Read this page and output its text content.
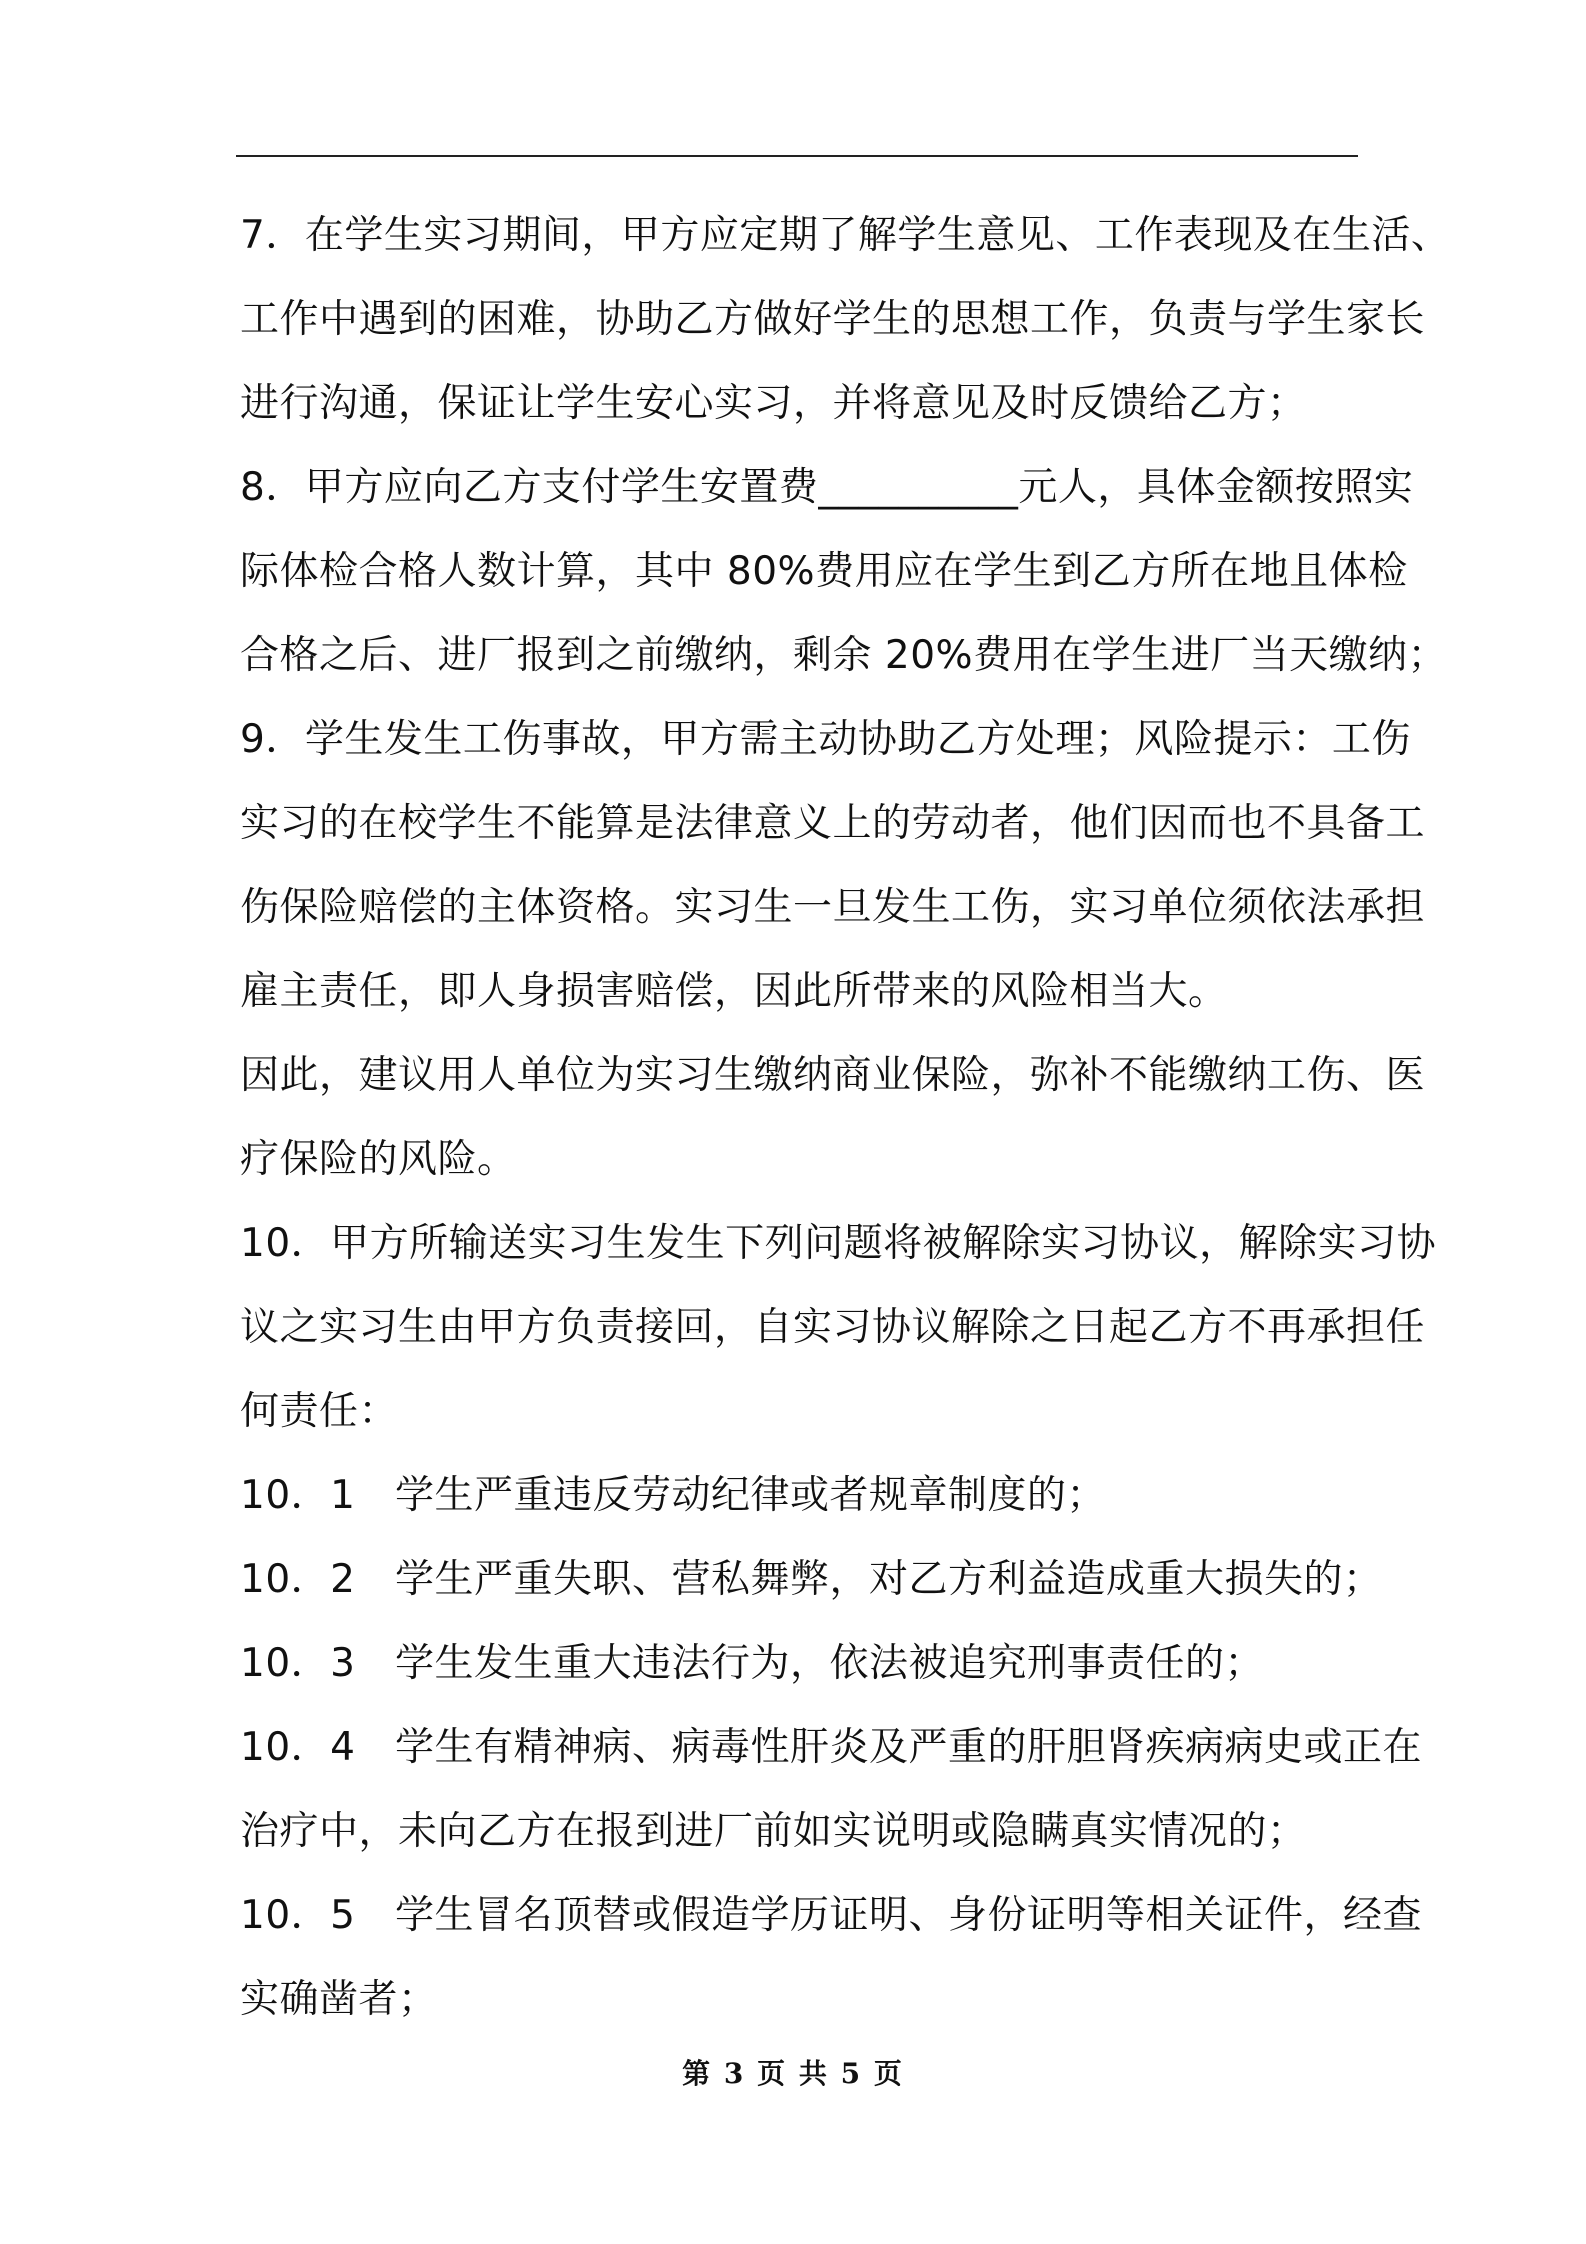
7．在学生实习期间，甲方应定期了解学生意见、工作表现及在生活、
工作中遇到的困难，协助乙方做好学生的思想工作，负责与学生家长
进行沟通，保证让学生安心实习，并将意见及时反馈给乙方；
8．甲方应向乙方支付学生安置费__________元人，具体金额按照实
际体检合格人数计算，其中 80%费用应在学生到乙方所在地且体检
合格之后、进厂报到之前缴纳，剩余 20%费用在学生进厂当天缴纳；
9．学生发生工伤事故，甲方需主动协助乙方处理；风险提示：工伤
实习的在校学生不能算是法律意义上的劳动者，他们因而也不具备工
伤保险赔偿的主体资格。实习生一旦发生工伤，实习单位须依法承担
雇主责任，即人身损害赔偿，因此所带来的风险相当大。
因此，建议用人单位为实习生缴纳商业保险，弥补不能缴纳工伤、医
疗保险的风险。
10．甲方所输送实习生发生下列问题将被解除实习协议，解除实习协
议之实习生由甲方负责接回，自实习协议解除之日起乙方不再承担任
何责任：
10．1　学生严重违反劳动纪律或者规章制度的；
10．2　学生严重失职、营私舞弊，对乙方利益造成重大损失的；
10．3　学生发生重大违法行为，依法被追究刑事责任的；
10．4　学生有精神病、病毒性肝炎及严重的肝胆肾疾病病史或正在
治疗中，未向乙方在报到进厂前如实说明或隐瞒真实情况的；
10．5　学生冒名顶替或假造学历证明、身份证明等相关证件，经查
实确凿者；
第 3 页 共 5 页
